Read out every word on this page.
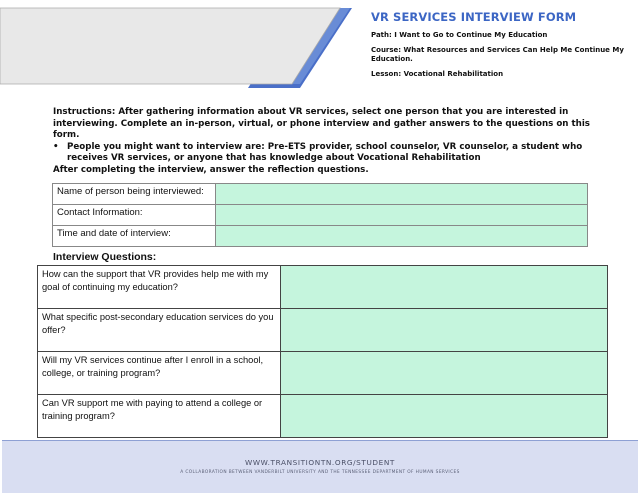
VR SERVICES INTERVIEW FORM

Path: I Want to Go to Continue My Education

Course: What Resources and Services Can Help Me Continue My Education.

Lesson: Vocational Rehabilitation

Instructions: After gathering information about VR services, select one person that you are interested in interviewing. Complete an in-person, virtual, or phone interview and gather answers to the questions on this form.

• People you might want to interview are: Pre-ETS provider, school counselor, VR counselor, a student who receives VR services, or anyone that has knowledge about Vocational Rehabilitation
After completing the interview, answer the reflection questions.
Name of person being interviewed:	
Contact Information:	
Time and date of interview:	
Interview Questions:
How can the support that VR provides help me with my goal of continuing my education?	
What specific post-secondary education services do you offer?	
Will my VR services continue after I enroll in a school, college, or training program?	
Can VR support me with paying to attend a college or training program?	
WWW.TRANSITIONTN.ORG/STUDENT
A COLLABORATION BETWEEN VANDERBILT UNIVERSITY AND THE TENNESSEE DEPARTMENT OF HUMAN SERVICES
